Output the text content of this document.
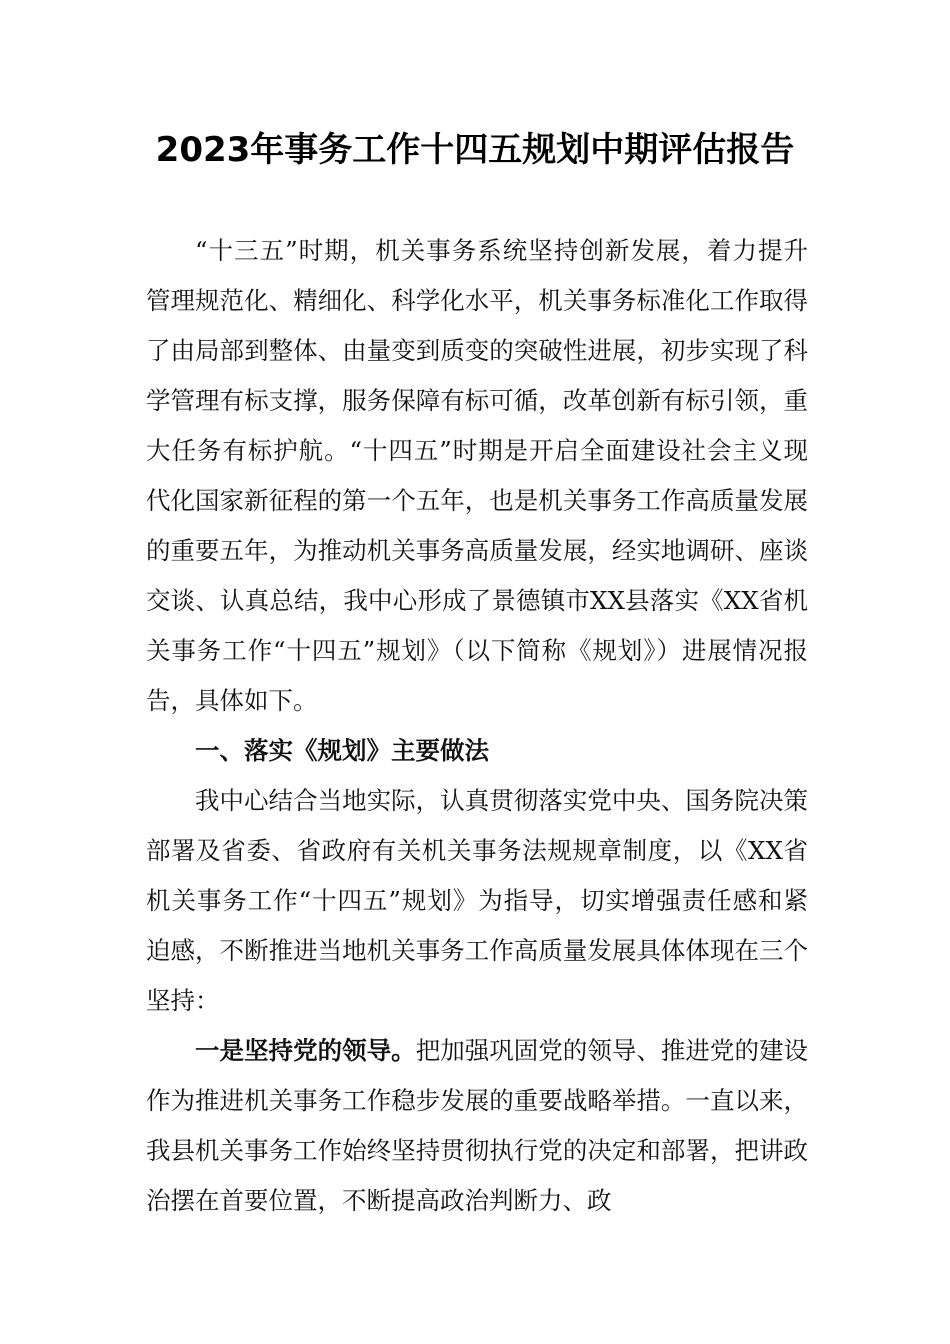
2023年事务工作十四五规划中期评估报告

“十三五”时期，机关事务系统坚持创新发展，着力提升管理规范化、精细化、科学化水平，机关事务标准化工作取得了由局部到整体、由量变到质变的突破性进展，初步实现了科学管理有标支撑，服务保障有标可循，改革创新有标引领，重大任务有标护航。“十四五”时期是开启全面建设社会主义现代化国家新征程的第一个五年，也是机关事务工作高质量发展的重要五年，为推动机关事务高质量发展，经实地调研、座谈交谈、认真总结，我中心形成了景德镇市XX县落实《XX省机关事务工作“十四五”规划》（以下简称《规划》）进展情况报告，具体如下。

一、落实《规划》主要做法

我中心结合当地实际，认真贯彻落实党中央、国务院决策部署及省委、省政府有关机关事务法规规章制度，以《XX省机关事务工作“十四五”规划》为指导，切实增强责任感和紧迫感，不断推进当地机关事务工作高质量发展具体体现在三个坚持：

一是坚持党的领导。把加强巩固党的领导、推进党的建设作为推进机关事务工作稳步发展的重要战略举措。一直以来，我县机关事务工作始终坚持贯彻执行党的决定和部署，把讲政治摆在首要位置，不断提高政治判断力、政
